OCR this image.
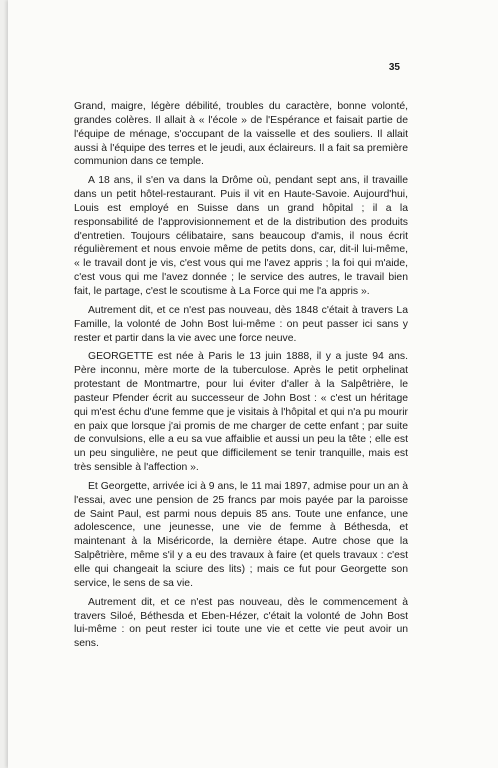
35

Grand, maigre, légère débilité, troubles du caractère, bonne volonté, grandes colères. Il allait à « l'école » de l'Espérance et faisait partie de l'équipe de ménage, s'occupant de la vaisselle et des souliers. Il allait aussi à l'équipe des terres et le jeudi, aux éclaireurs. Il a fait sa première communion dans ce temple.

A 18 ans, il s'en va dans la Drôme où, pendant sept ans, il travaille dans un petit hôtel-restaurant. Puis il vit en Haute-Savoie. Aujourd'hui, Louis est employé en Suisse dans un grand hôpital ; il a la responsabilité de l'approvisionnement et de la distribution des produits d'entretien. Toujours célibataire, sans beaucoup d'amis, il nous écrit régulièrement et nous envoie même de petits dons, car, dit-il lui-même, « le travail dont je vis, c'est vous qui me l'avez appris ; la foi qui m'aide, c'est vous qui me l'avez donnée ; le service des autres, le travail bien fait, le partage, c'est le scoutisme à La Force qui me l'a appris ».

Autrement dit, et ce n'est pas nouveau, dès 1848 c'était à travers La Famille, la volonté de John Bost lui-même : on peut passer ici sans y rester et partir dans la vie avec une force neuve.

GEORGETTE est née à Paris le 13 juin 1888, il y a juste 94 ans. Père inconnu, mère morte de la tuberculose. Après le petit orphelinat protestant de Montmartre, pour lui éviter d'aller à la Salpêtrière, le pasteur Pfender écrit au successeur de John Bost : « c'est un héritage qui m'est échu d'une femme que je visitais à l'hôpital et qui n'a pu mourir en paix que lorsque j'ai promis de me charger de cette enfant ; par suite de convulsions, elle a eu sa vue affaiblie et aussi un peu la tête ; elle est un peu singulière, ne peut que difficilement se tenir tranquille, mais est très sensible à l'affection ».

Et Georgette, arrivée ici à 9 ans, le 11 mai 1897, admise pour un an à l'essai, avec une pension de 25 francs par mois payée par la paroisse de Saint Paul, est parmi nous depuis 85 ans. Toute une enfance, une adolescence, une jeunesse, une vie de femme à Béthesda, et maintenant à la Miséricorde, la dernière étape. Autre chose que la Salpêtrière, même s'il y a eu des travaux à faire (et quels travaux : c'est elle qui changeait la sciure des lits) ; mais ce fut pour Georgette son service, le sens de sa vie.

Autrement dit, et ce n'est pas nouveau, dès le commencement à travers Siloé, Béthesda et Eben-Hézer, c'était la volonté de John Bost lui-même : on peut rester ici toute une vie et cette vie peut avoir un sens.
